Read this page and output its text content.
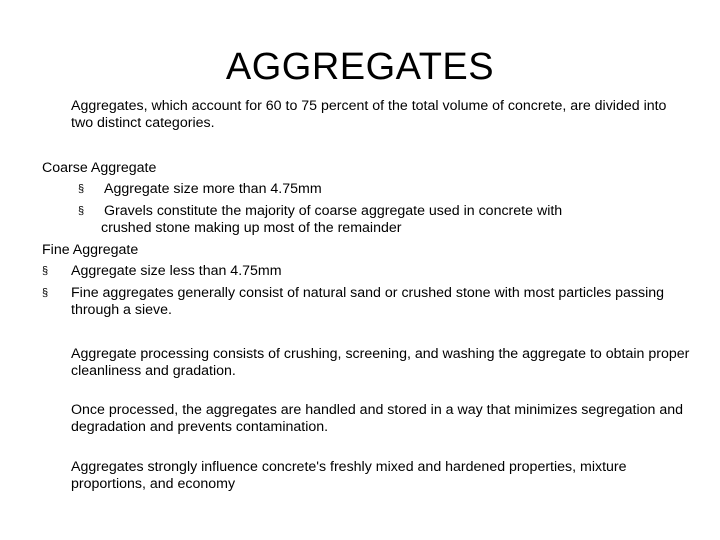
AGGREGATES

Aggregates, which account for 60 to 75 percent of the total volume of concrete, are divided into two distinct categories.

Coarse Aggregate
§ Aggregate size more than 4.75mm
§ Gravels constitute the majority of coarse aggregate used in concrete with
crushed stone making up most of the remainder
Fine Aggregate
§ Aggregate size less than 4.75mm
§ Fine aggregates generally consist of natural sand or crushed stone with most particles passing through a sieve.

Aggregate processing consists of crushing, screening, and washing the aggregate to obtain proper cleanliness and gradation.

Once processed, the aggregates are handled and stored in a way that minimizes segregation and degradation and prevents contamination.

Aggregates strongly influence concrete's freshly mixed and hardened properties, mixture proportions, and economy
